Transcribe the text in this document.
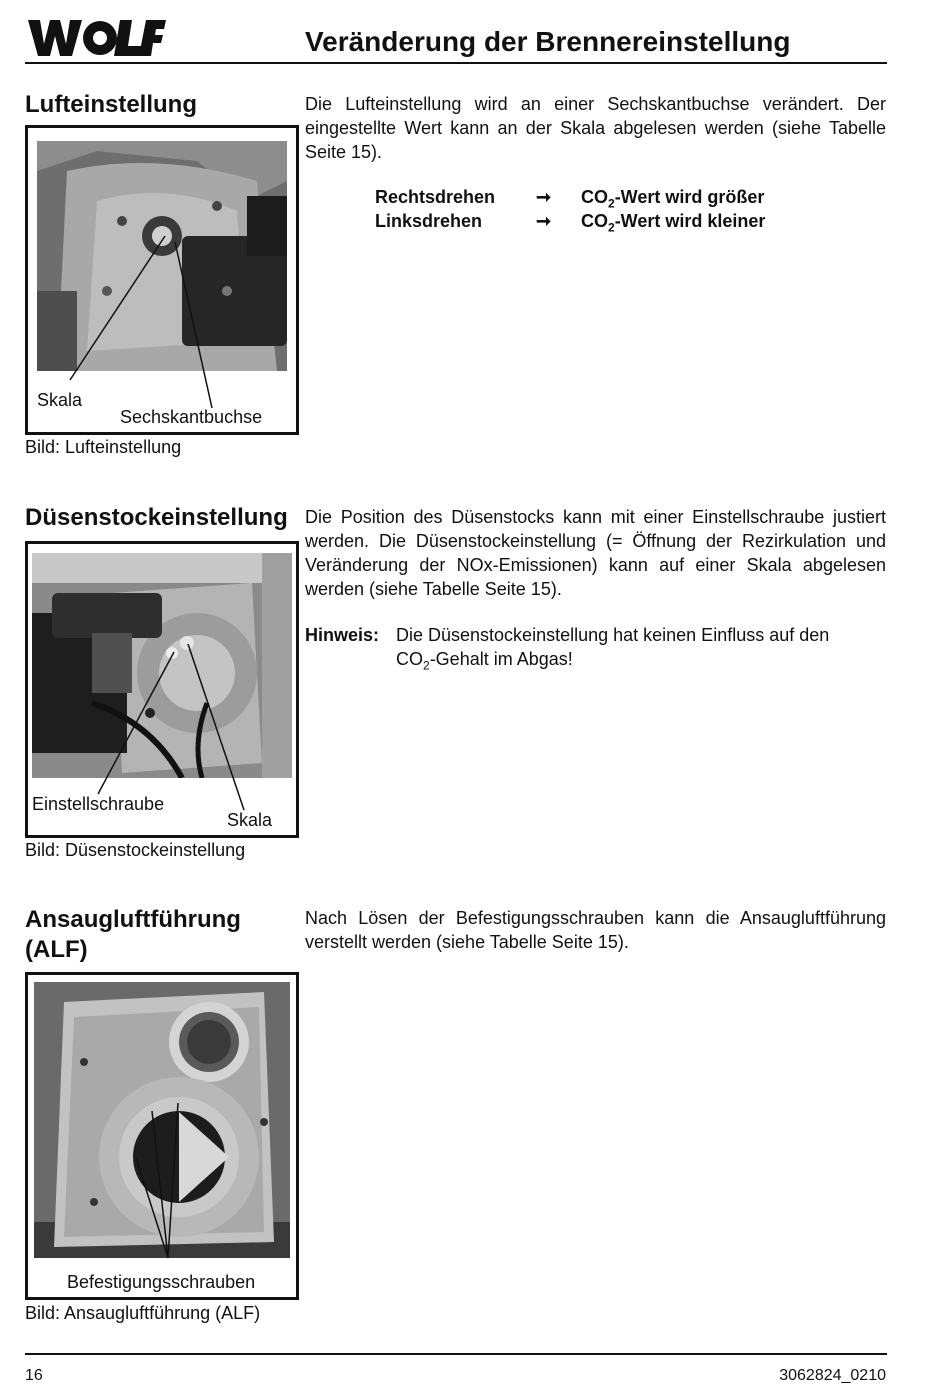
Veränderung der Brennereinstellung
Lufteinstellung
Skala
Sechskantbuchse
Bild: Lufteinstellung
Die Lufteinstellung wird an einer Sechskantbuchse verändert. Der eingestellte Wert kann an der Skala abgelesen werden (siehe Tabelle Seite 15).
Rechtsdrehen ➞ $CO_2$-Wert wird größer
Linksdrehen	➞ $CO_2$-Wert wird kleiner
Düsenstockeinstellung
Einstellschraube
Skala
Bild: Düsenstockeinstellung
Die Position des Düsenstocks kann mit einer Einstellschraube justiert werden. Die Düsenstockeinstellung (= Öffnung der Rezirkulation und Veränderung der NOx-Emissionen) kann auf einer Skala abgelesen werden (siehe Tabelle Seite 15).
Hinweis: Die Düsenstockeinstellung hat keinen Einfluss auf den
$CO_2$-Gehalt im Abgas!
Ansaugluftführung
(ALF)
Befestigungsschrauben
Bild: Ansaugluftführung (ALF)
Nach Lösen der Befestigungsschrauben kann die Ansaugluftführung verstellt werden (siehe Tabelle Seite 15).
16	3062824_0210
